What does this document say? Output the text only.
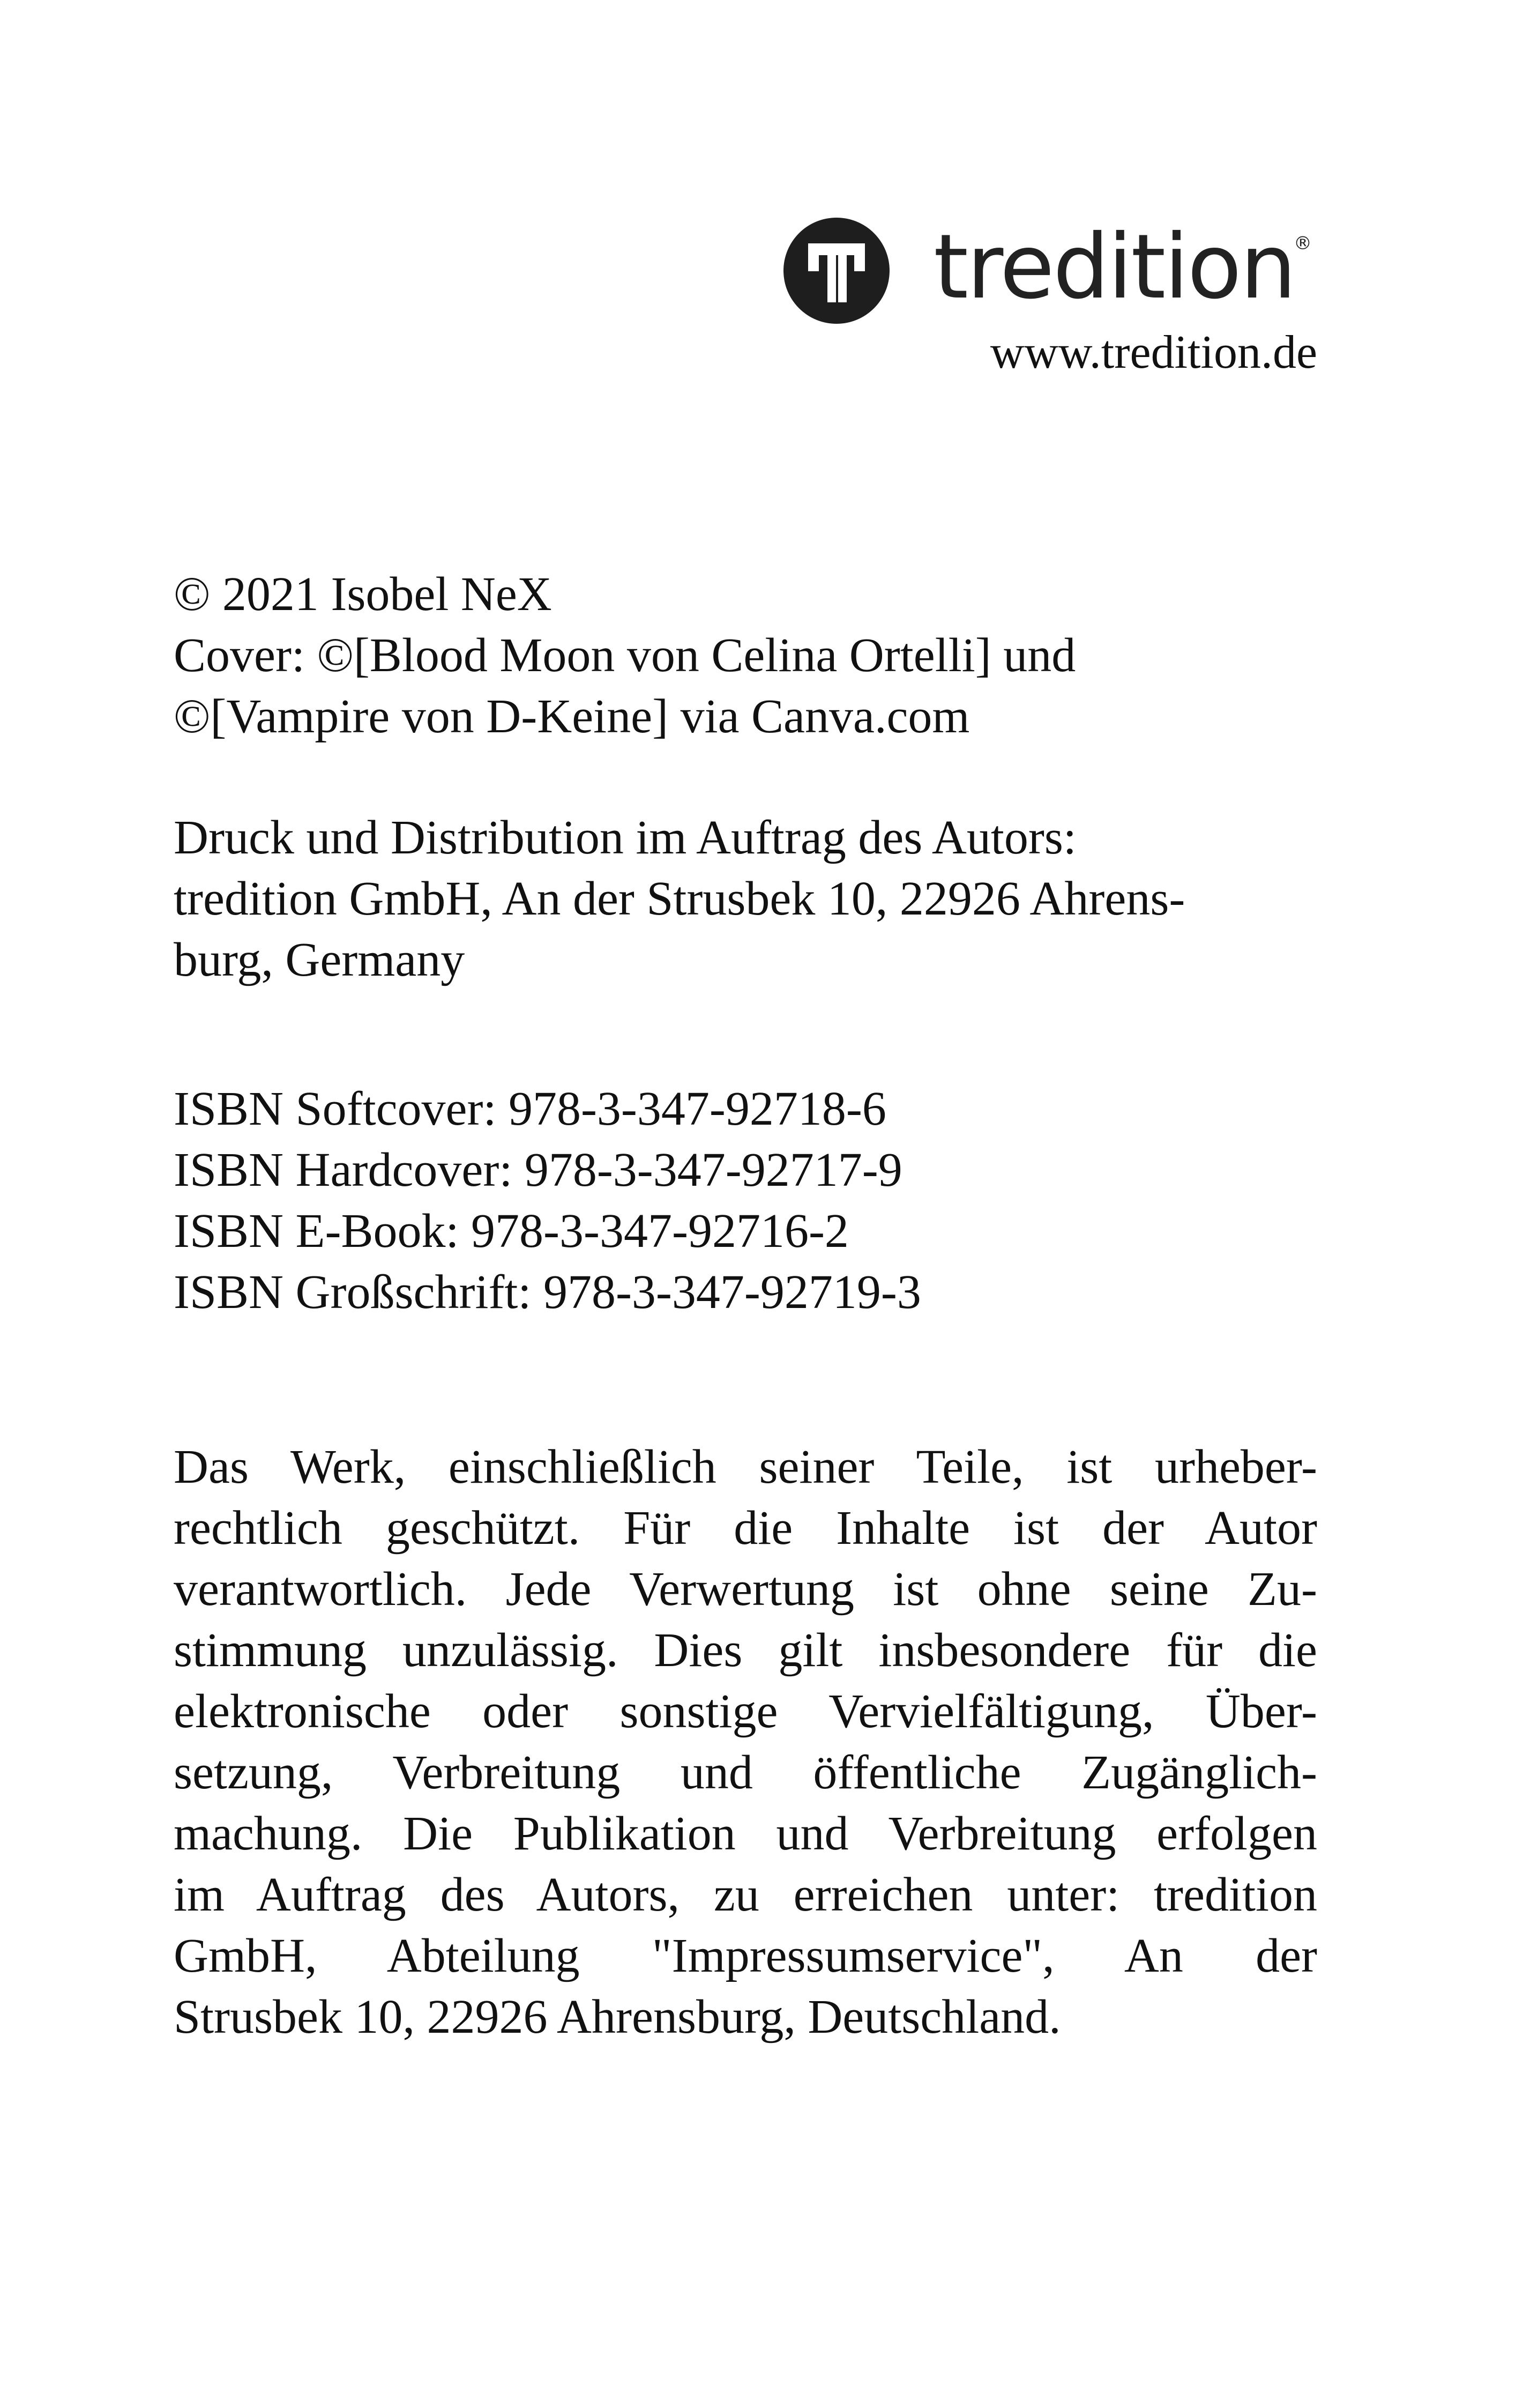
tredition
®
www.tredition.de
© 2021 Isobel NeX
Cover: ©[Blood Moon von Celina Ortelli] und
©[Vampire von D-Keine] via Canva.com
Druck und Distribution im Auftrag des Autors:
tredition GmbH, An der Strusbek 10, 22926 Ahrens-
burg, Germany
ISBN Softcover: 978-3-347-92718-6
ISBN Hardcover: 978-3-347-92717-9
ISBN E-Book: 978-3-347-92716-2
ISBN Großschrift: 978-3-347-92719-3
Das Werk, einschließlich seiner Teile, ist urheber-
rechtlich geschützt. Für die Inhalte ist der Autor
verantwortlich. Jede Verwertung ist ohne seine Zu-
stimmung unzulässig. Dies gilt insbesondere für die
elektronische oder sonstige Vervielfältigung, Über-
setzung, Verbreitung und öffentliche Zugänglich-
machung. Die Publikation und Verbreitung erfolgen
im Auftrag des Autors, zu erreichen unter: tredition
GmbH, Abteilung "Impressumservice", An der
Strusbek 10, 22926 Ahrensburg, Deutschland.
